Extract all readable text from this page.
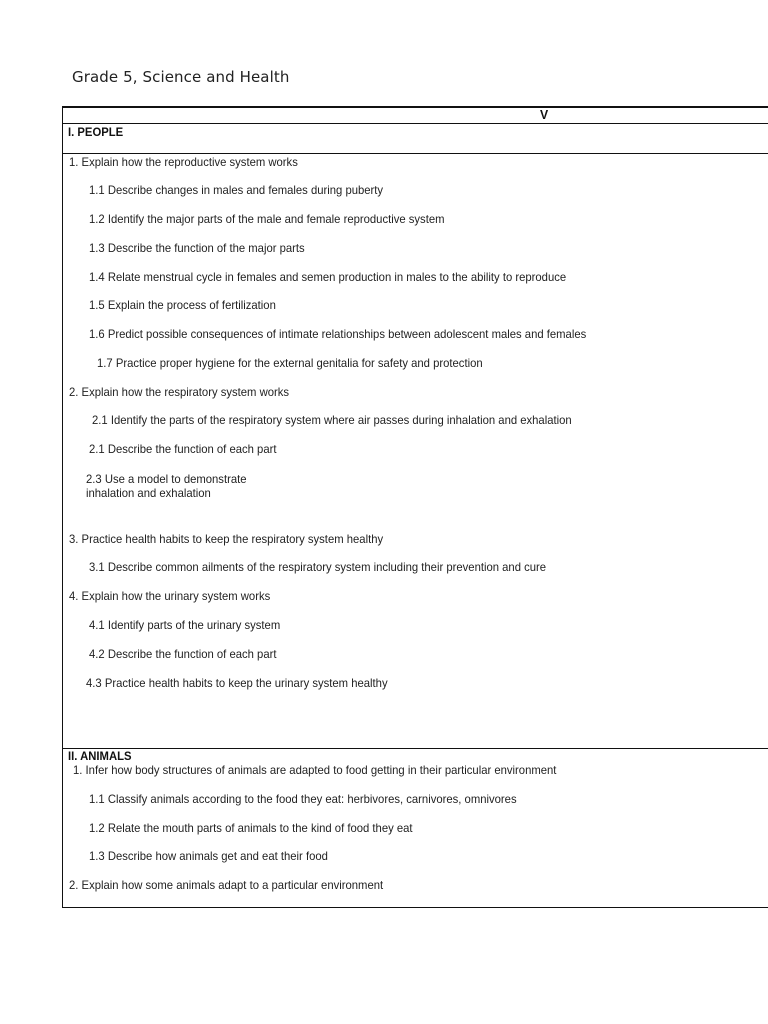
Grade 5, Science and Health
V
I. PEOPLE
1. Explain how the reproductive system works
1.1 Describe changes in males and females during puberty
1.2 Identify the major parts of the male and female reproductive system
1.3 Describe the function of the major parts
1.4 Relate menstrual cycle in females and semen production in males to the ability to reproduce
1.5 Explain the process of fertilization
1.6 Predict possible consequences of intimate relationships between adolescent males and females
1.7 Practice proper hygiene for the external genitalia for safety and protection
2. Explain how the respiratory system works
2.1 Identify the parts of the respiratory system where air passes during inhalation and exhalation
2.1 Describe the function of each part
2.3 Use a model to demonstrate
inhalation and exhalation
3. Practice health habits to keep the respiratory system healthy
3.1 Describe common ailments of the respiratory system including their prevention and cure
4. Explain how the urinary system works
4.1 Identify parts of the urinary system
4.2 Describe the function of each part
4.3 Practice health habits to keep the urinary system healthy
II. ANIMALS
1. Infer how body structures of animals are adapted to food getting in their particular environment
1.1 Classify animals according to the food they eat: herbivores, carnivores, omnivores
1.2 Relate the mouth parts of animals to the kind of food they eat
1.3 Describe how animals get and eat their food
2. Explain how some animals adapt to a particular environment
